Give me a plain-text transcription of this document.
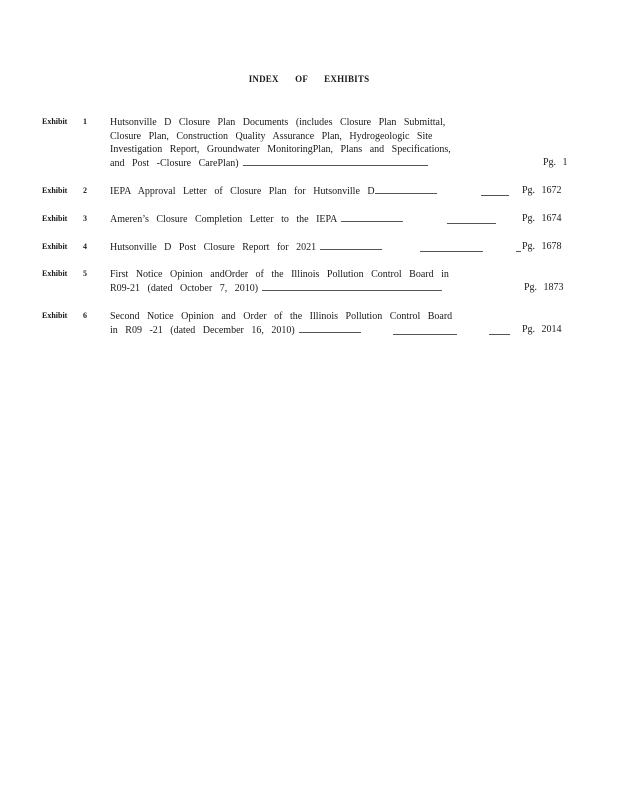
INDEX OF EXHIBITS
Exhibit 1 Hutsonville D Closure Plan Documents (includes Closure Plan Submittal,
Closure Plan, Construction Quality Assurance Plan, Hydrogeologic Site
Investigation Report, Groundwater MonitoringPlan, Plans and Specifications,
and Post -Closure CarePlan)	Pg. 1
Exhibit 2 IEPA Approval Letter of Closure Plan for Hutsonville D	Pg. 1672
Exhibit 3 Ameren’s Closure Completion Letter to the IEPA	Pg. 1674
Exhibit 4 Hutsonville D Post Closure Report for 2021	Pg. 1678
Exhibit 5 First Notice Opinion andOrder of the Illinois Pollution Control Board in
R09-21 (dated October 7, 2010)	Pg. 1873
Exhibit 6 Second Notice Opinion and Order of the Illinois Pollution Control Board
in R09 -21 (dated December 16, 2010)	Pg. 2014
